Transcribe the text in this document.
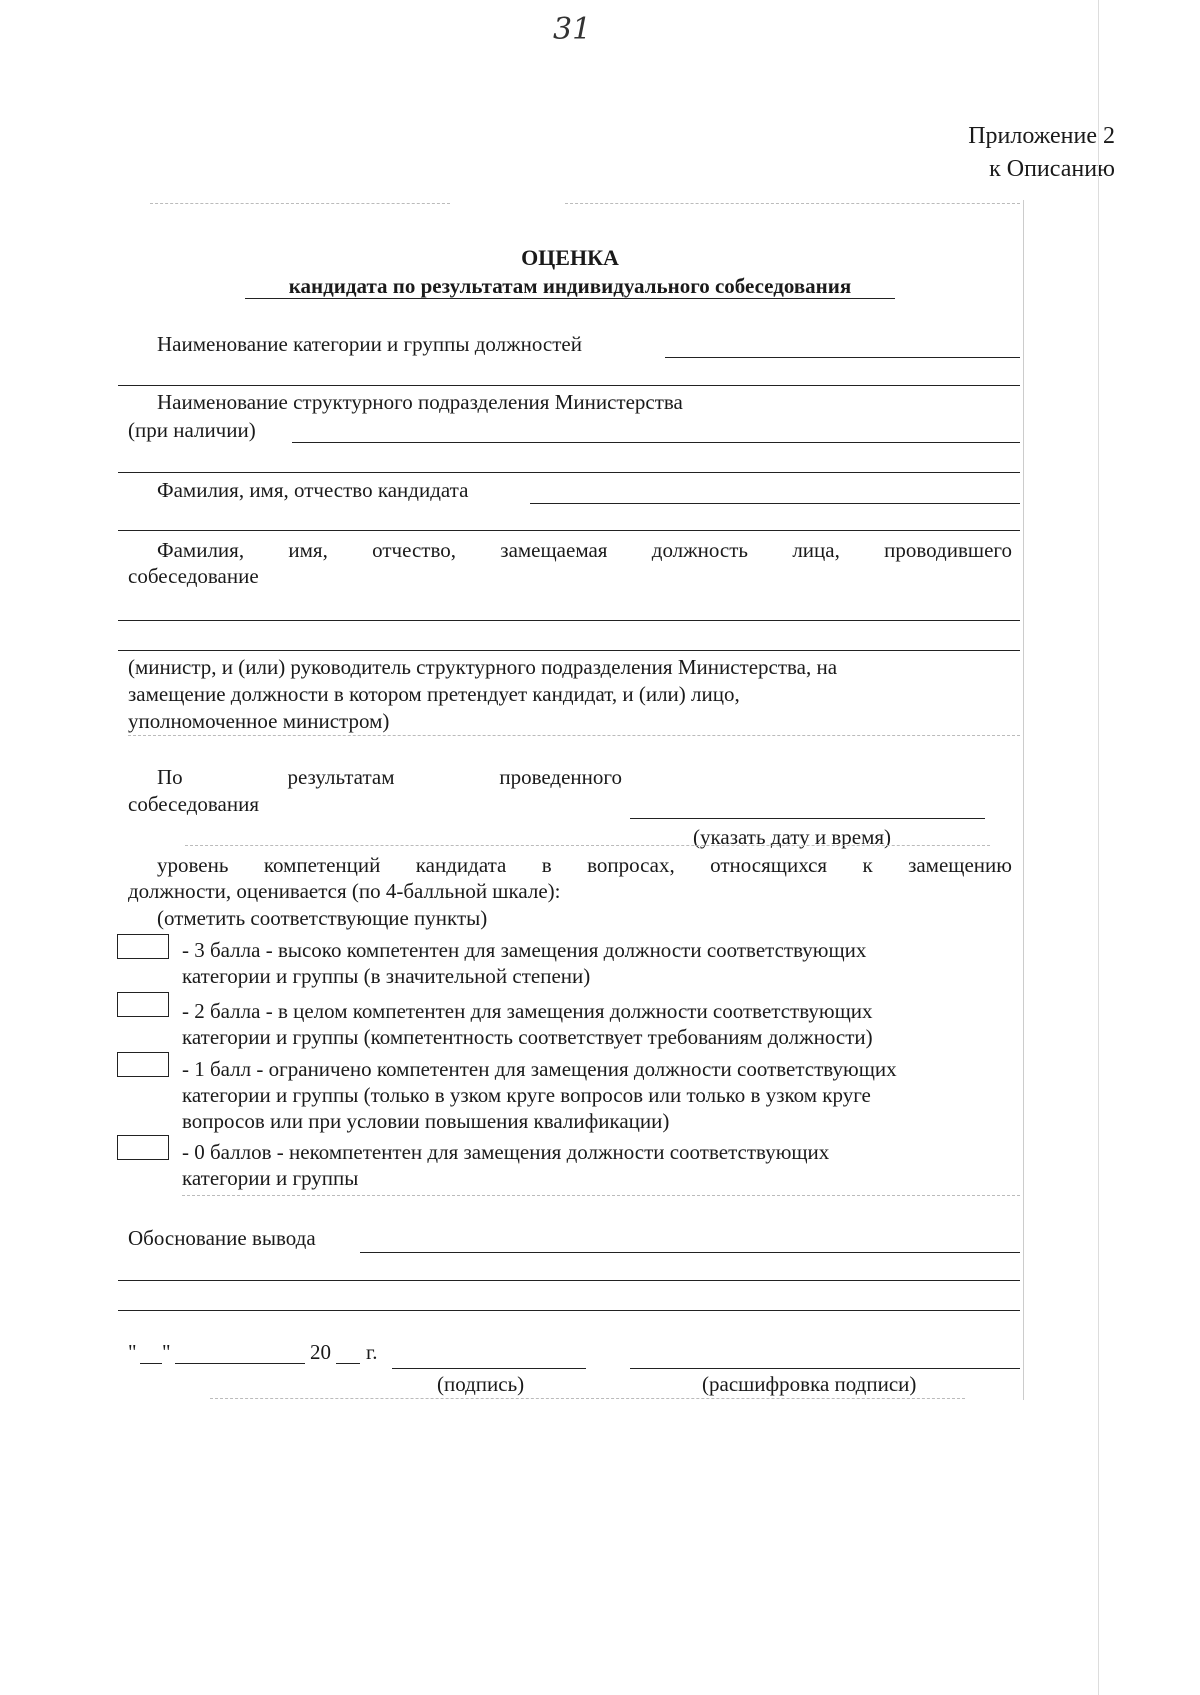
31
Приложение 2
к Описанию
ОЦЕНКА
кандидата по результатам индивидуального собеседования
Наименование категории и группы должностей
Наименование структурного подразделения Министерства
(при наличии)
Фамилия, имя, отчество кандидата
Фамилия, имя, отчество, замещаемая должность лица, проводившего
собеседование
(министр, и (или) руководитель структурного подразделения Министерства, на
замещение должности в котором претендует кандидат, и (или) лицо,
уполномоченное министром)
По	результатам	проведенного
собеседования
(указать дату и время)
уровень компетенций кандидата в вопросах, относящихся к замещению
должности, оценивается (по 4-балльной шкале):
(отметить соответствующие пункты)
- 3 балла - высоко компетентен для замещения должности соответствующих
категории и группы (в значительной степени)
- 2 балла - в целом компетентен для замещения должности соответствующих
категории и группы (компетентность соответствует требованиям должности)
- 1 балл - ограничено компетентен для замещения должности соответствующих
категории и группы (только в узком круге вопросов или только в узком круге
вопросов или при условии повышения квалификации)
- 0 баллов - некомпетентен для замещения должности соответствующих
категории и группы
Обоснование вывода
" "	20 г.
(подпись)	(расшифровка подписи)
